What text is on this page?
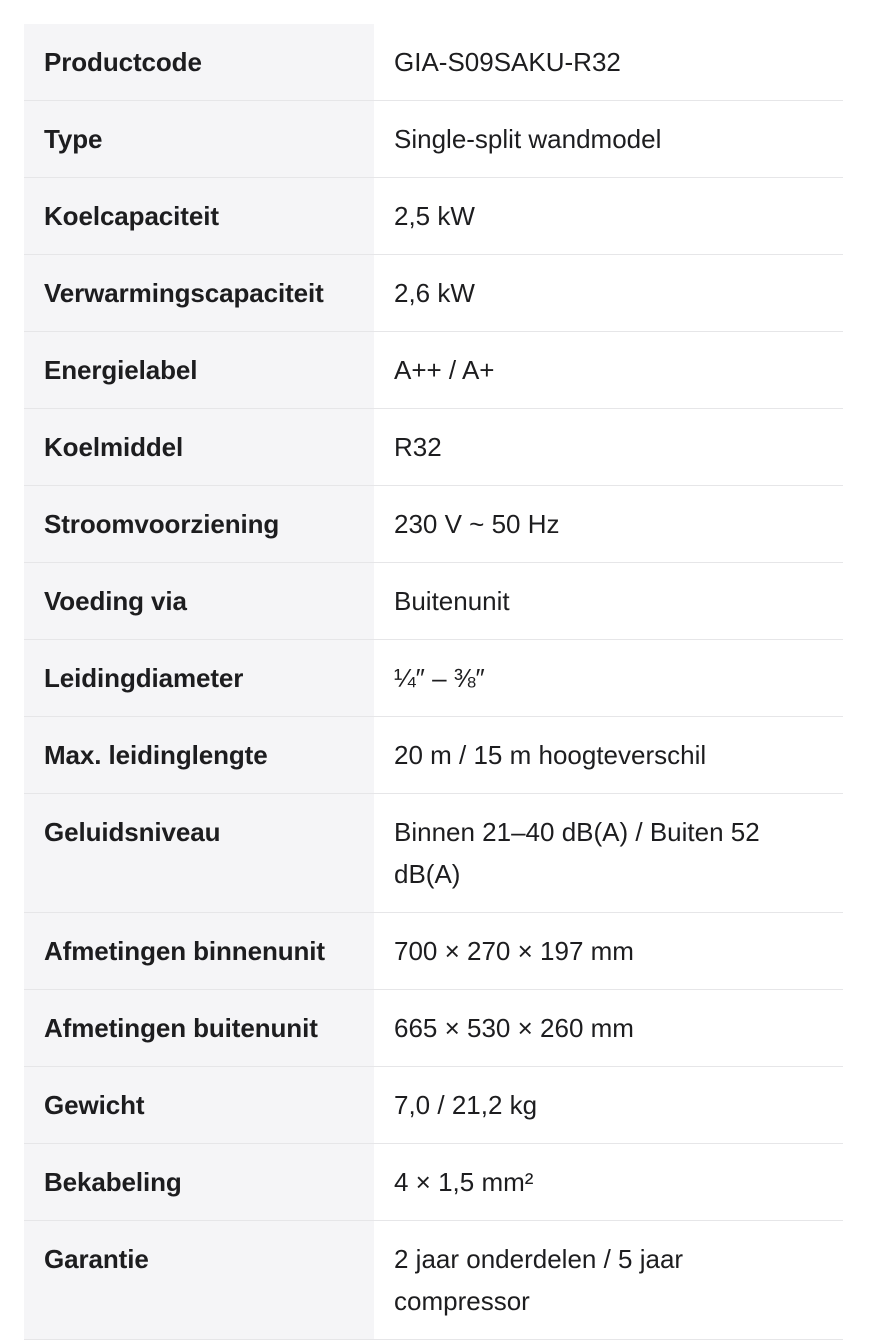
Productcode	GIA-S09SAKU-R32
Type	Single-split wandmodel
Koelcapaciteit	2,5 kW
Verwarmingscapaciteit	2,6 kW
Energielabel	A++ / A+
Koelmiddel	R32
Stroomvoorziening	230 V ~ 50 Hz
Voeding via	Buitenunit
Leidingdiameter	¼″ – ⅜″
Max. leidinglengte	20 m / 15 m hoogteverschil
Geluidsniveau	Binnen 21–40 dB(A) / Buiten 52 dB(A)
Afmetingen binnenunit	700 × 270 × 197 mm
Afmetingen buitenunit	665 × 530 × 260 mm
Gewicht	7,0 / 21,2 kg
Bekabeling	4 × 1,5 mm²
Garantie	2 jaar onderdelen / 5 jaar compressor
